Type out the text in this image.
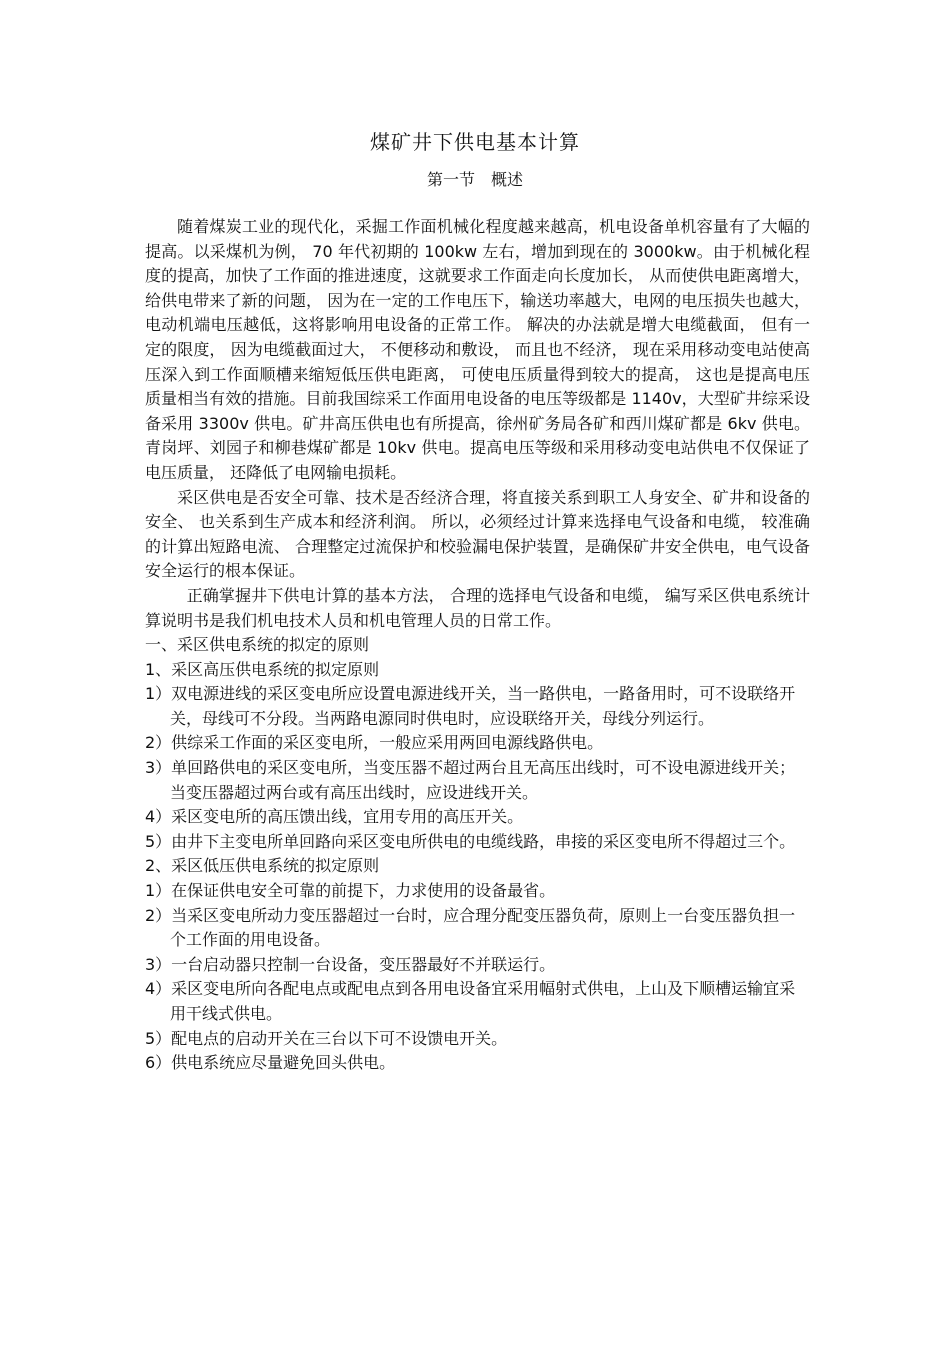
煤矿井下供电基本计算
第一节　概述

随着煤炭工业的现代化，采掘工作面机械化程度越来越高，机电设备单机容量有了大幅的提高。以采煤机为例， 70 年代初期的 100kw 左右，增加到现在的 3000kw。由于机械化程度的提高，加快了工作面的推进速度，这就要求工作面走向长度加长， 从而使供电距离增大， 给供电带来了新的问题， 因为在一定的工作电压下，输送功率越大，电网的电压损失也越大，电动机端电压越低，这将影响用电设备的正常工作。 解决的办法就是增大电缆截面， 但有一定的限度， 因为电缆截面过大， 不便移动和敷设， 而且也不经济， 现在采用移动变电站使高压深入到工作面顺槽来缩短低压供电距离， 可使电压质量得到较大的提高， 这也是提高电压质量相当有效的措施。目前我国综采工作面用电设备的电压等级都是 1140v，大型矿井综采设备采用 3300v 供电。矿井高压供电也有所提高，徐州矿务局各矿和西川煤矿都是 6kv 供电。青岗坪、刘园子和柳巷煤矿都是 10kv 供电。提高电压等级和采用移动变电站供电不仅保证了电压质量， 还降低了电网输电损耗。

采区供电是否安全可靠、技术是否经济合理，将直接关系到职工人身安全、矿井和设备的安全、 也关系到生产成本和经济利润。 所以，必须经过计算来选择电气设备和电缆， 较准确的计算出短路电流、 合理整定过流保护和校验漏电保护装置，是确保矿井安全供电，电气设备安全运行的根本保证。

正确掌握井下供电计算的基本方法， 合理的选择电气设备和电缆， 编写采区供电系统计算说明书是我们机电技术人员和机电管理人员的日常工作。

一、采区供电系统的拟定的原则

1、采区高压供电系统的拟定原则

1）双电源进线的采区变电所应设置电源进线开关，当一路供电，一路备用时，可不设联络开关，母线可不分段。当两路电源同时供电时，应设联络开关，母线分列运行。

2）供综采工作面的采区变电所，一般应采用两回电源线路供电。

3）单回路供电的采区变电所，当变压器不超过两台且无高压出线时，可不设电源进线开关；当变压器超过两台或有高压出线时，应设进线开关。

4）采区变电所的高压馈出线，宜用专用的高压开关。

5）由井下主变电所单回路向采区变电所供电的电缆线路，串接的采区变电所不得超过三个。

2、采区低压供电系统的拟定原则

1）在保证供电安全可靠的前提下，力求使用的设备最省。

2）当采区变电所动力变压器超过一台时，应合理分配变压器负荷，原则上一台变压器负担一个工作面的用电设备。

3）一台启动器只控制一台设备，变压器最好不并联运行。

4）采区变电所向各配电点或配电点到各用电设备宜采用幅射式供电，上山及下顺槽运输宜采用干线式供电。

5）配电点的启动开关在三台以下可不设馈电开关。

6）供电系统应尽量避免回头供电。
